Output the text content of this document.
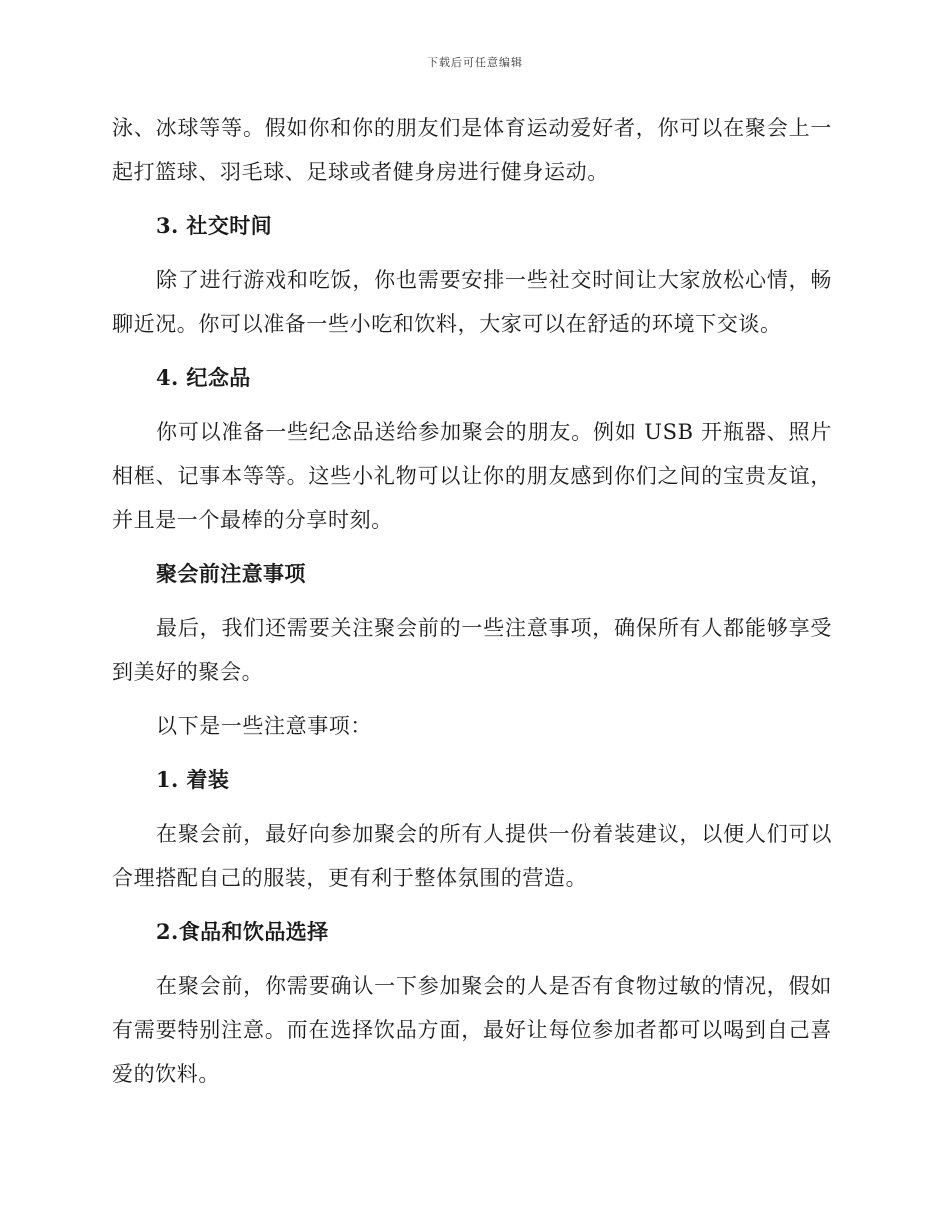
下载后可任意编辑

泳、冰球等等。假如你和你的朋友们是体育运动爱好者，你可以在聚会上一起打篮球、羽毛球、足球或者健身房进行健身运动。

3. 社交时间

除了进行游戏和吃饭，你也需要安排一些社交时间让大家放松心情，畅聊近况。你可以准备一些小吃和饮料，大家可以在舒适的环境下交谈。

4. 纪念品

你可以准备一些纪念品送给参加聚会的朋友。例如 USB 开瓶器、照片相框、记事本等等。这些小礼物可以让你的朋友感到你们之间的宝贵友谊，并且是一个最棒的分享时刻。

聚会前注意事项

最后，我们还需要关注聚会前的一些注意事项，确保所有人都能够享受到美好的聚会。

以下是一些注意事项：

1. 着装

在聚会前，最好向参加聚会的所有人提供一份着装建议，以便人们可以合理搭配自己的服装，更有利于整体氛围的营造。

2.食品和饮品选择

在聚会前，你需要确认一下参加聚会的人是否有食物过敏的情况，假如有需要特别注意。而在选择饮品方面，最好让每位参加者都可以喝到自己喜爱的饮料。
